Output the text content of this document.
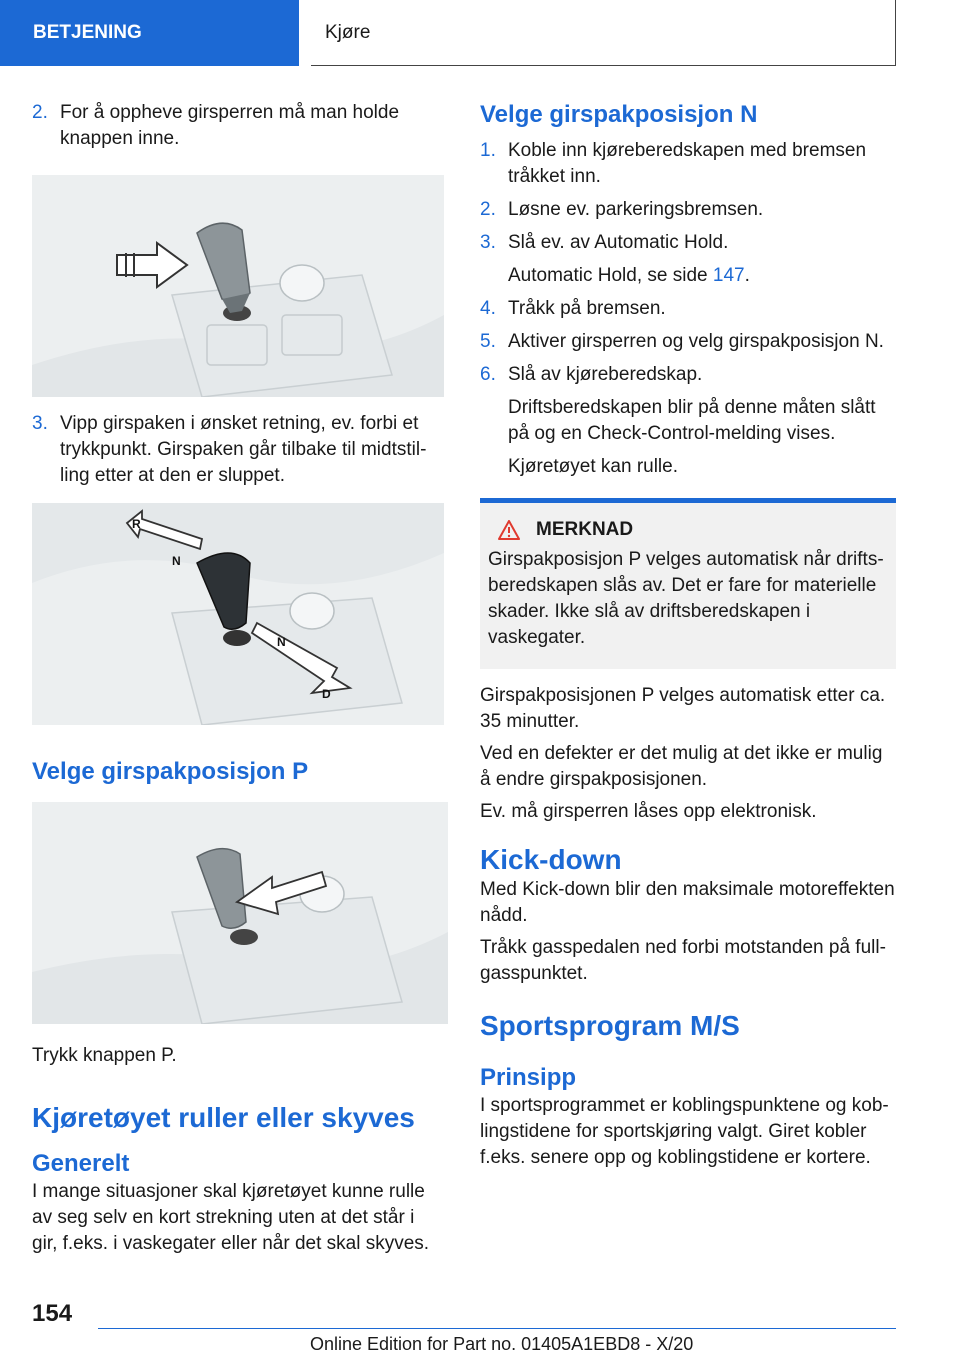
BETJENING	Kjøre
2. For å oppheve girsperren må man holde knappen inne.
3. Vipp girspaken i ønsket retning, ev. forbi et trykkpunkt. Girspaken går tilbake til midtstilling etter at den er sluppet.
R
N
N
D
Velge girspakposisjon P

Trykk knappen P.

Kjøretøyet ruller eller skyves
Generelt

I mange situasjoner skal kjøretøyet kunne rulle av seg selv en kort strekning uten at det står i gir, f.eks. i vaskegater eller når det skal skyves.

Velge girspakposisjon N
1. Koble inn kjøreberedskapen med bremsen tråkket inn.
2. Løsne ev. parkeringsbremsen.
3. Slå ev. av Automatic Hold.
Automatic Hold, se side 147.
4. Tråkk på bremsen.
5. Aktiver girsperren og velg girspakposisjon N.
6. Slå av kjøreberedskap.
Driftsberedskapen blir på denne måten slått på og en Check-Control-melding vises.
Kjøretøyet kan rulle.
MERKNAD

Girspakposisjon P velges automatisk når driftsberedskapen slås av. Det er fare for materielle skader. Ikke slå av driftsberedskapen i vaskegater.

Girspakposisjonen P velges automatisk etter ca. 35 minutter.

Ved en defekter er det mulig at det ikke er mulig å endre girspakposisjonen.

Ev. må girsperren låses opp elektronisk.

Kick-down

Med Kick-down blir den maksimale motoreffekten nådd.

Tråkk gasspedalen ned forbi motstanden på fullgasspunktet.

Sportsprogram M/S
Prinsipp

I sportsprogrammet er koblingspunktene og koblingstidene for sportskjøring valgt. Giret kobler f.eks. senere opp og koblingstidene er kortere.

154
Online Edition for Part no. 01405A1EBD8 - X/20
